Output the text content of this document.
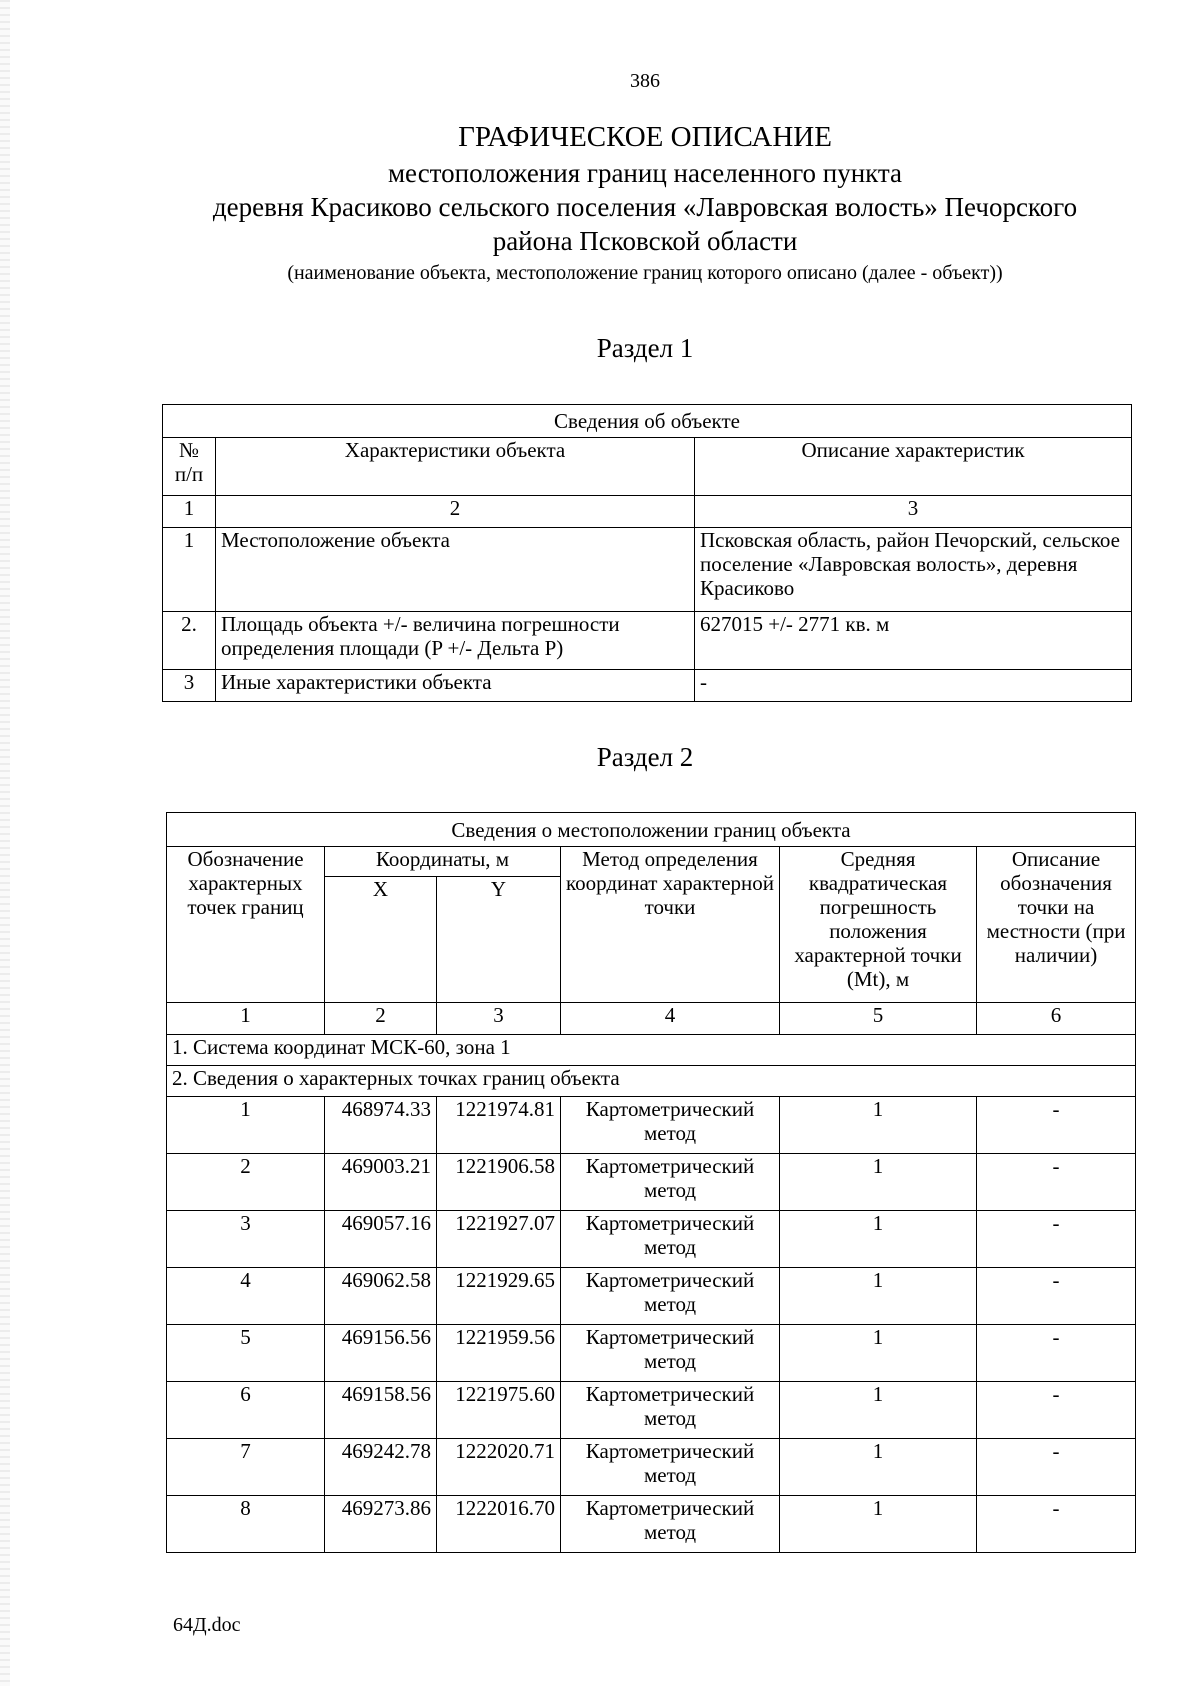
386
ГРАФИЧЕСКОЕ ОПИСАНИЕ
местоположения границ населенного пункта
деревня Красиково сельского поселения «Лавровская волость» Печорского
района Псковской области
(наименование объекта, местоположение границ которого описано (далее - объект))
Раздел 1
Сведения об объекте		
№ п/п	Характеристики объекта	Описание характеристик
1	2	3
1	Местоположение объекта	Псковская область, район Печорский, сельское поселение «Лавровская волость», деревня Красиково
2.	Площадь объекта +/- величина погрешности определения площади (P +/- Дельта P)	627015 +/- 2771 кв. м
3	Иные характеристики объекта	-
Раздел 2
Сведения о местоположении границ объекта					
Обозначение характерных точек границ	Координаты, м		Метод определения координат характерной точки	Средняя квадратическая погрешность положения характерной точки (Mt), м	Описание обозначения точки на местности (при наличии)
	X	Y			
1	2	3	4	5	6
1. Система координат МСК-60, зона 1					
2. Сведения о характерных точках границ объекта					
1	468974.33	1221974.81	Картометрический метод	1	-
2	469003.21	1221906.58	Картометрический метод	1	-
3	469057.16	1221927.07	Картометрический метод	1	-
4	469062.58	1221929.65	Картометрический метод	1	-
5	469156.56	1221959.56	Картометрический метод	1	-
6	469158.56	1221975.60	Картометрический метод	1	-
7	469242.78	1222020.71	Картометрический метод	1	-
8	469273.86	1222016.70	Картометрический метод	1	-
64Д.doc
